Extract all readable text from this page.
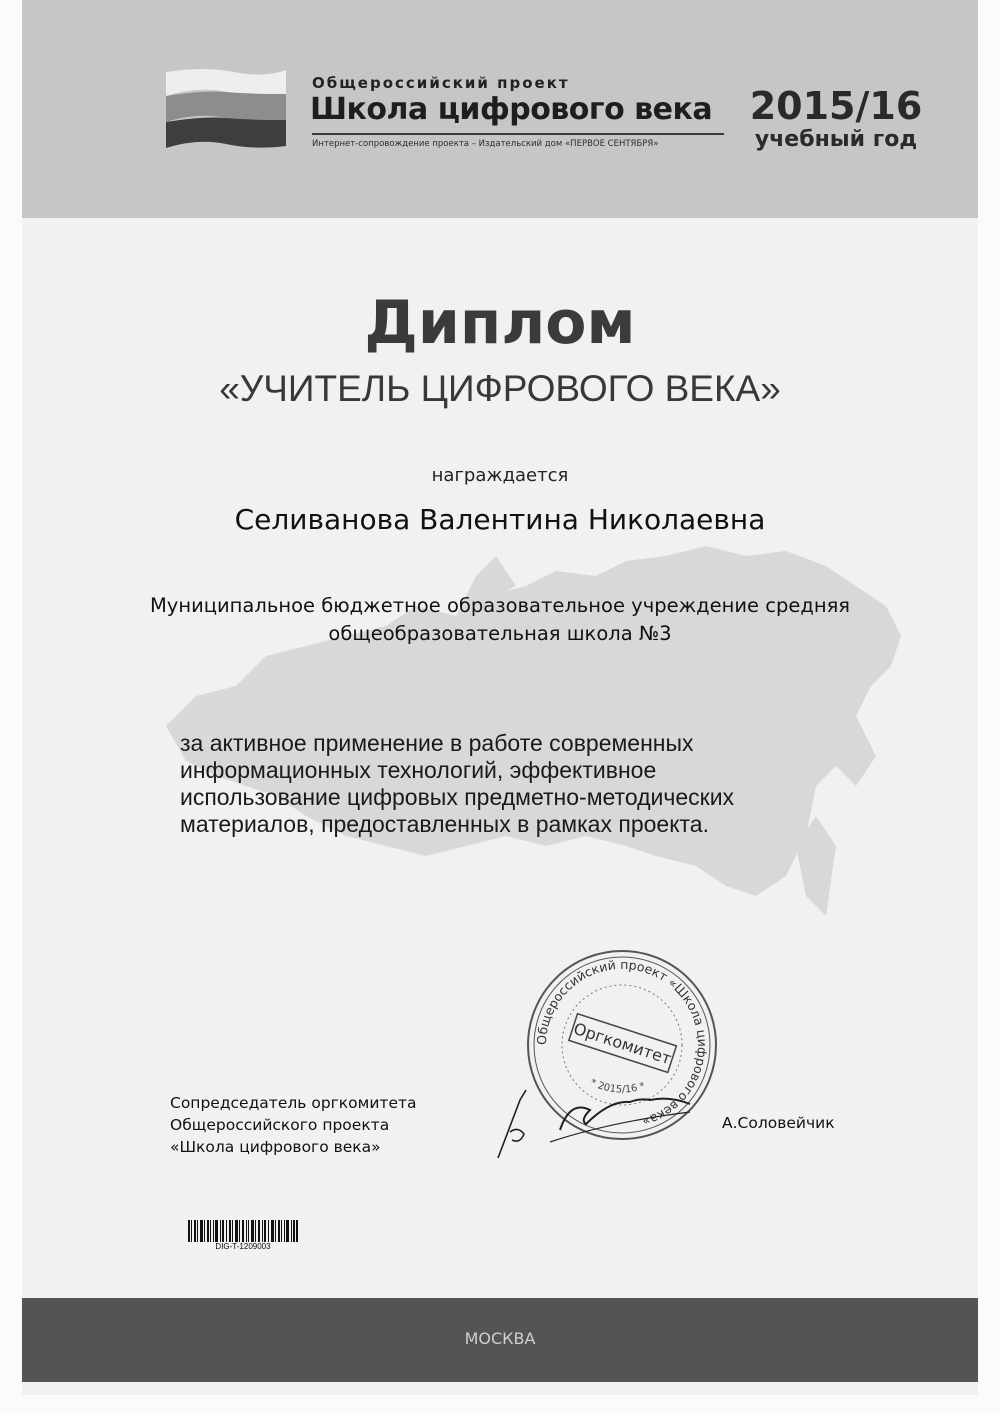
Общероссийский проект
Школа цифрового века
Интернет-сопровождение проекта – Издательский дом «ПЕРВОЕ СЕНТЯБРЯ»
2015/16
учебный год
Диплом
«УЧИТЕЛЬ ЦИФРОВОГО ВЕКА»
награждается
Селиванова Валентина Николаевна
Муниципальное бюджетное образовательное учреждение средняя общеобразовательная школа №3
за активное применение в работе современных
информационных технологий, эффективное
использование цифровых предметно-методических
материалов, предоставленных в рамках проекта.
Сопредседатель оргкомитета
Общероссийского проекта
«Школа цифрового века»
А.Соловейчик
Общероссийский проект «Школа цифрового века»
Оргкомитет
* 2015/16 *
DIG-T-1209003
МОСКВА
